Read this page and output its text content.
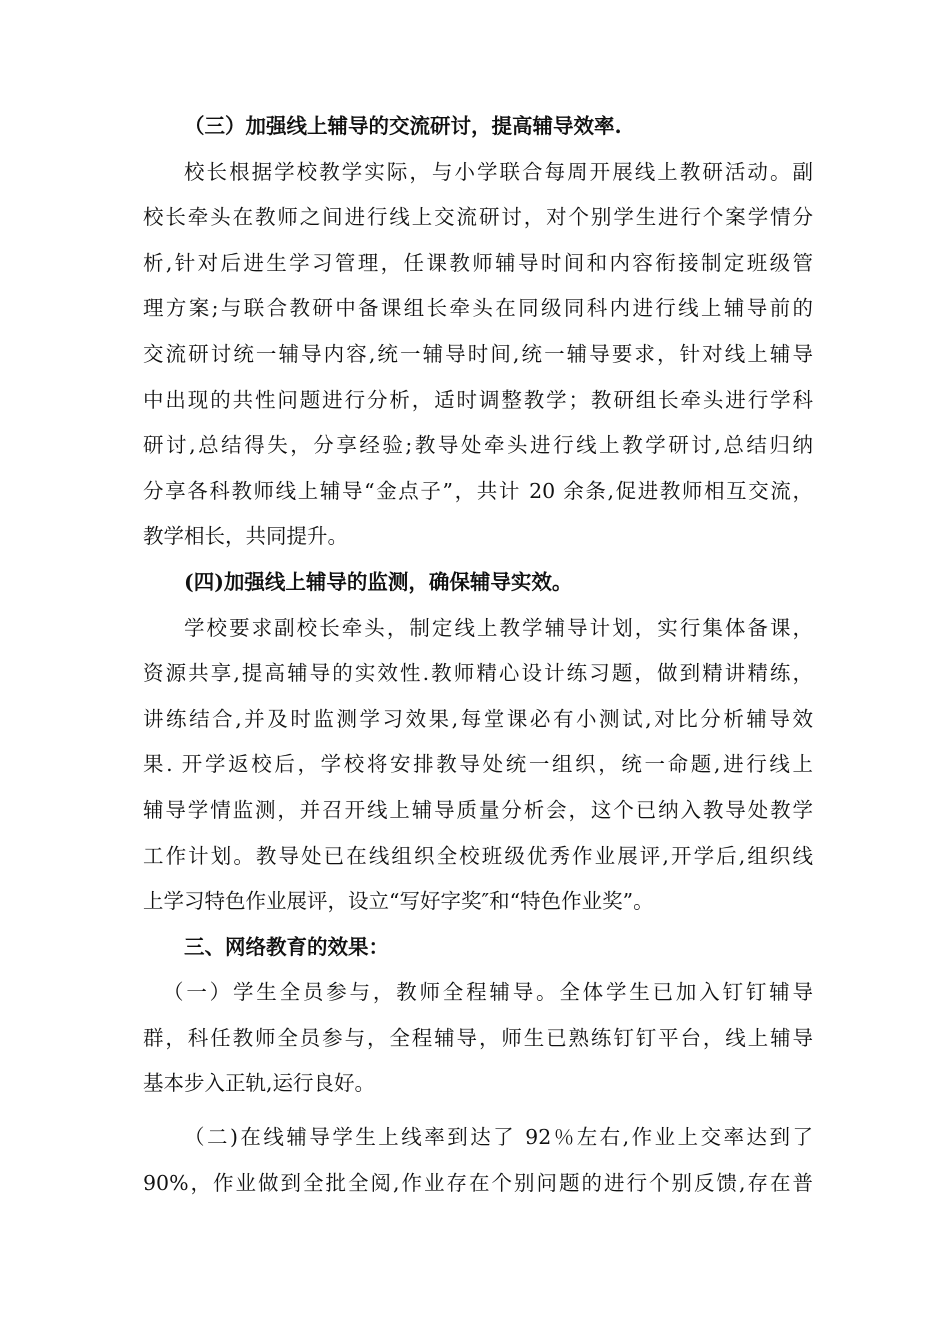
（三）加强线上辅导的交流研讨，提高辅导效率.
校长根据学校教学实际，与小学联合每周开展线上教研活动。副
校长牵头在教师之间进行线上交流研讨，对个别学生进行个案学情分
析,针对后进生学习管理，任课教师辅导时间和内容衔接制定班级管
理方案;与联合教研中备课组长牵头在同级同科内进行线上辅导前的
交流研讨统一辅导内容,统一辅导时间,统一辅导要求，针对线上辅导
中出现的共性问题进行分析，适时调整教学；教研组长牵头进行学科
研讨,总结得失，分享经验;教导处牵头进行线上教学研讨,总结归纳
分享各科教师线上辅导“金点子”，共计 20 余条,促进教师相互交流，
教学相长，共同提升。
(四)加强线上辅导的监测，确保辅导实效。
学校要求副校长牵头，制定线上教学辅导计划，实行集体备课，
资源共享,提高辅导的实效性.教师精心设计练习题，做到精讲精练，
讲练结合,并及时监测学习效果,每堂课必有小测试,对比分析辅导效
果. 开学返校后，学校将安排教导处统一组织，统一命题,进行线上
辅导学情监测，并召开线上辅导质量分析会，这个已纳入教导处教学
工作计划。教导处已在线组织全校班级优秀作业展评,开学后,组织线
上学习特色作业展评，设立“写好字奖″和“特色作业奖”。
三、网络教育的效果：
（一）学生全员参与，教师全程辅导。全体学生已加入钉钉辅导
群，科任教师全员参与，全程辅导，师生已熟练钉钉平台，线上辅导
基本步入正轨,运行良好。
（二)在线辅导学生上线率到达了 92％左右,作业上交率达到了
90%，作业做到全批全阅,作业存在个别问题的进行个别反馈,存在普
